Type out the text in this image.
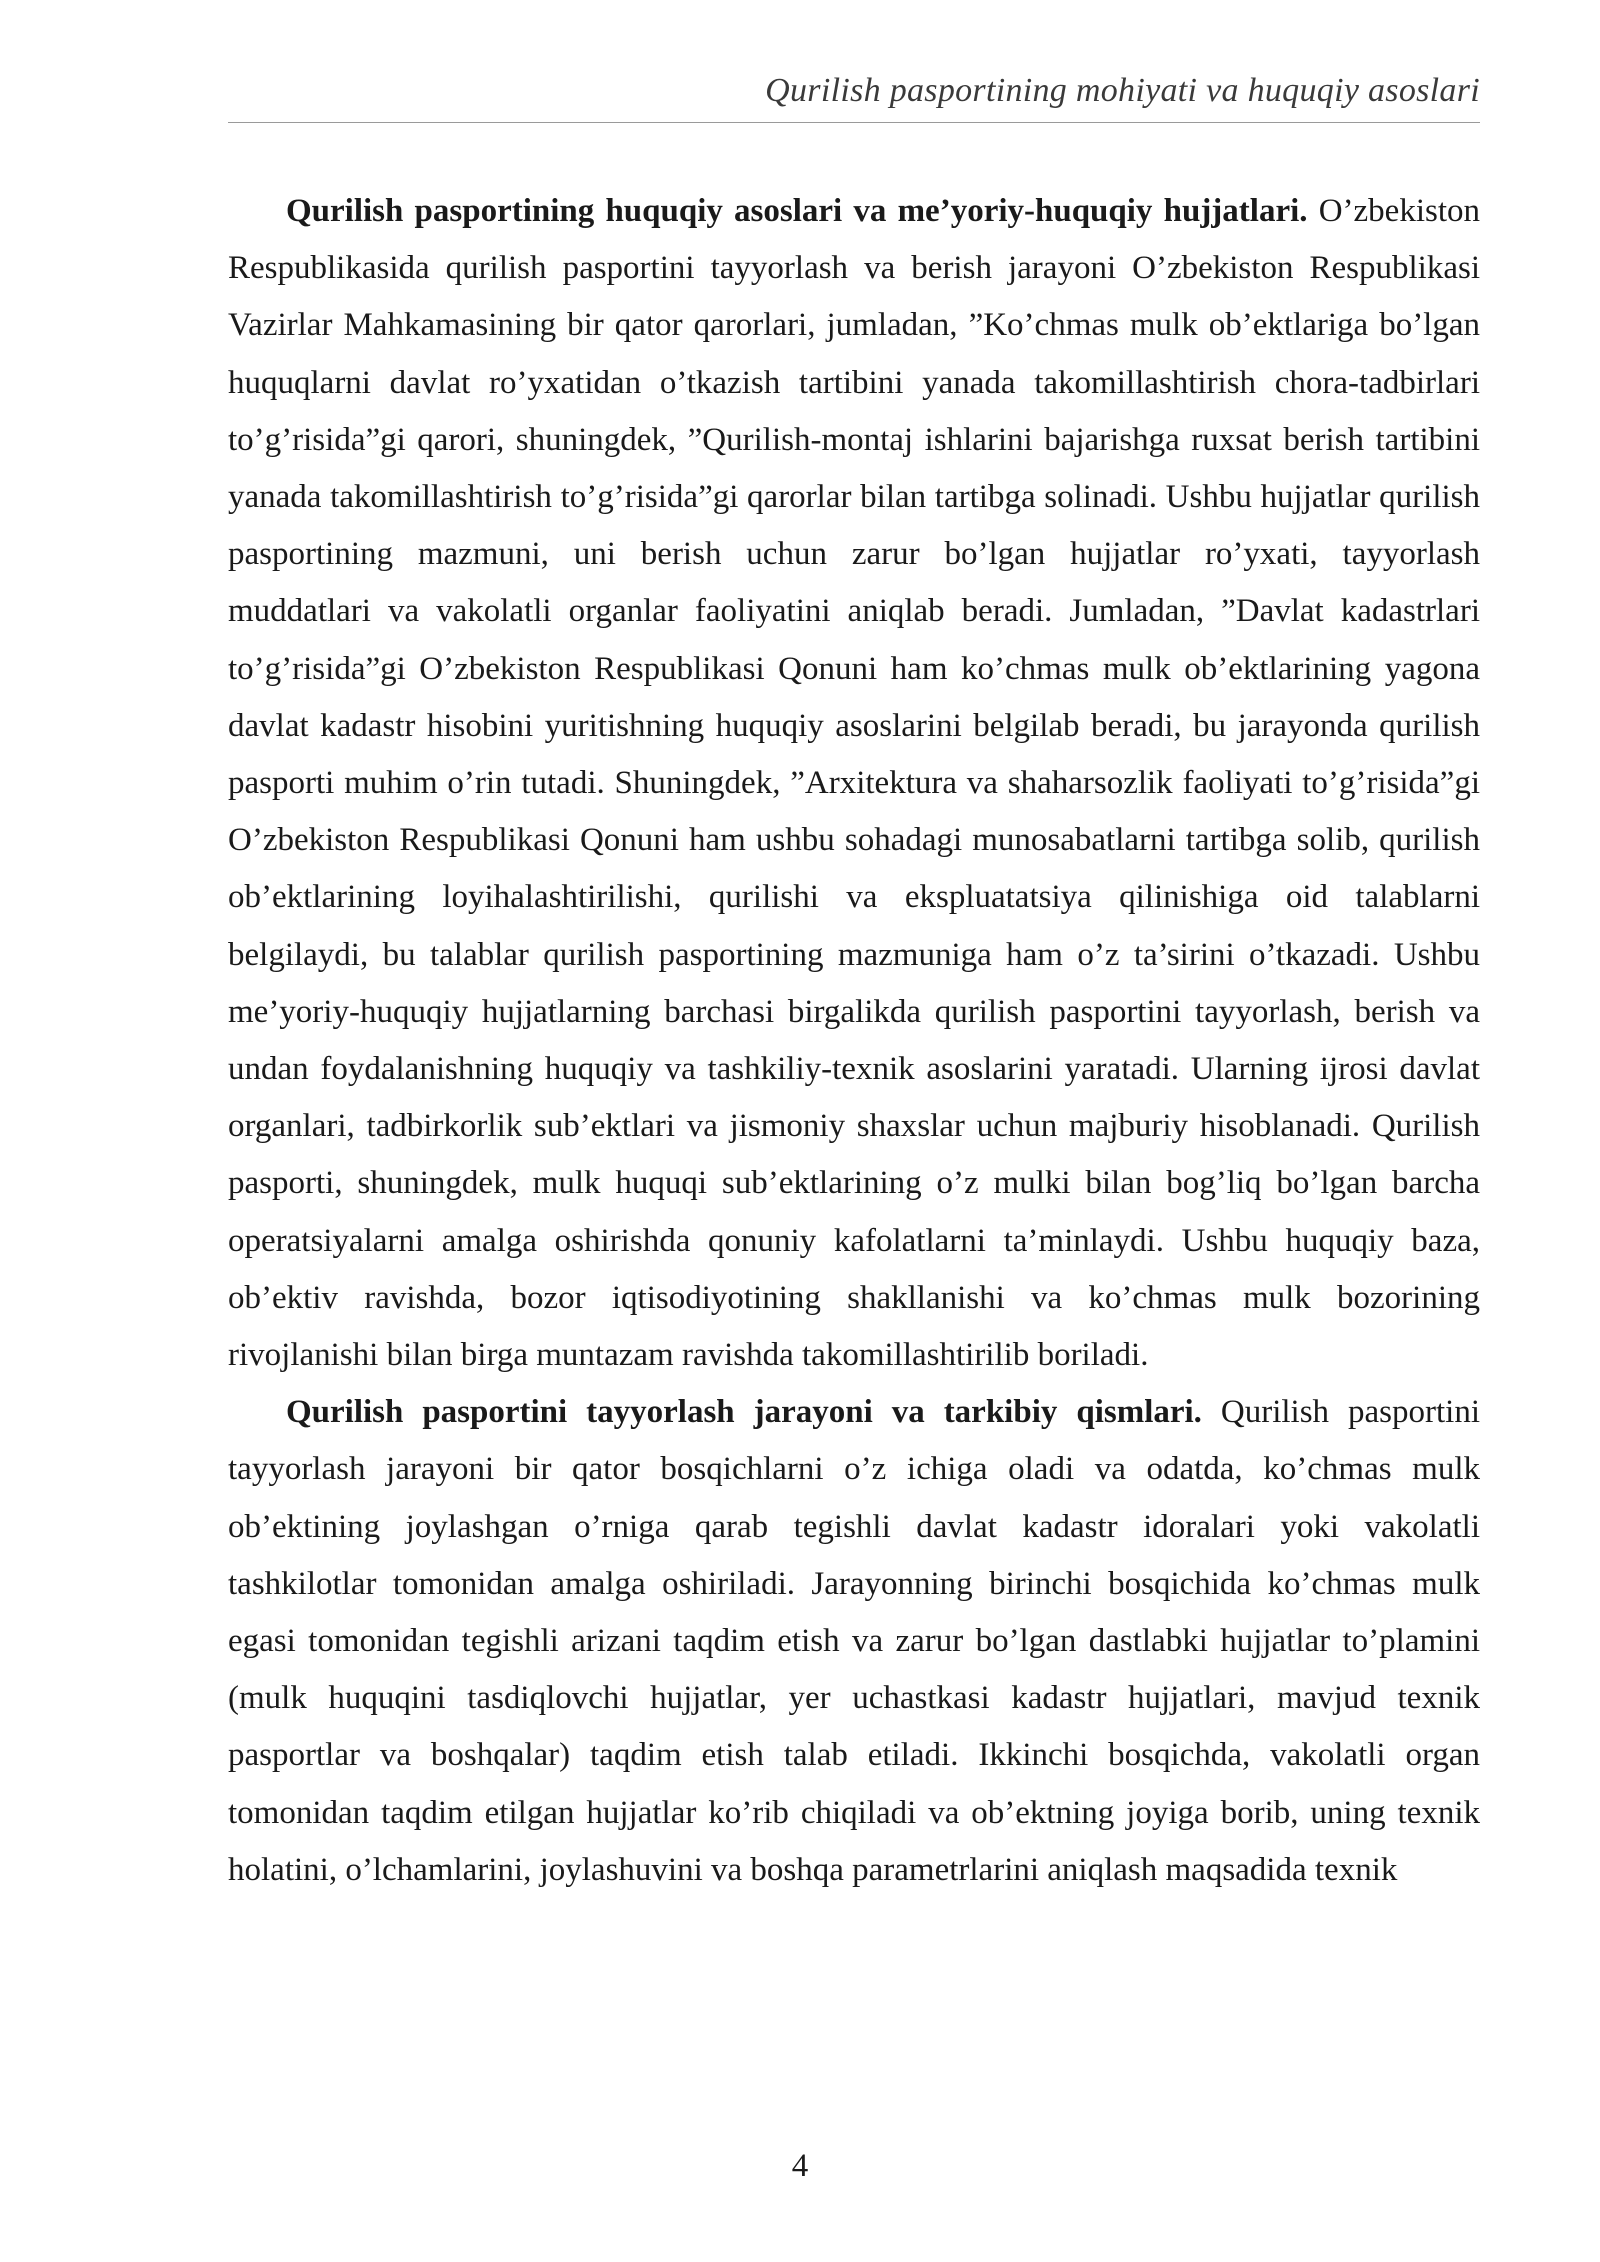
Qurilish pasportining mohiyati va huquqiy asoslari

Qurilish pasportining huquqiy asoslari va me’yoriy-huquqiy hujjatlari. O’zbekiston Respublikasida qurilish pasportini tayyorlash va berish jarayoni O’zbekiston Respublikasi Vazirlar Mahkamasining bir qator qarorlari, jumladan, ”Ko’chmas mulk ob’ektlariga bo’lgan huquqlarni davlat ro’yxatidan o’tkazish tartibini yanada takomillashtirish chora-tadbirlari to’g’risida”gi qarori, shuningdek, ”Qurilish-montaj ishlarini bajarishga ruxsat berish tartibini yanada takomillashtirish to’g’risida”gi qarorlar bilan tartibga solinadi. Ushbu hujjatlar qurilish pasportining mazmuni, uni berish uchun zarur bo’lgan hujjatlar ro’yxati, tayyorlash muddatlari va vakolatli organlar faoliyatini aniqlab beradi. Jumladan, ”Davlat kadastrlari to’g’risida”gi O’zbekiston Respublikasi Qonuni ham ko’chmas mulk ob’ektlarining yagona davlat kadastr hisobini yuritishning huquqiy asoslarini belgilab beradi, bu jarayonda qurilish pasporti muhim o’rin tutadi. Shuningdek, ”Arxitektura va shaharsozlik faoliyati to’g’risida”gi O’zbekiston Respublikasi Qonuni ham ushbu sohadagi munosabatlarni tartibga solib, qurilish ob’ektlarining loyihalashtirilishi, qurilishi va ekspluatatsiya qilinishiga oid talablarni belgilaydi, bu talablar qurilish pasportining mazmuniga ham o’z ta’sirini o’tkazadi. Ushbu me’yoriy-huquqiy hujjatlarning barchasi birgalikda qurilish pasportini tayyorlash, berish va undan foydalanishning huquqiy va tashkiliy-texnik asoslarini yaratadi. Ularning ijrosi davlat organlari, tadbirkorlik sub’ektlari va jismoniy shaxslar uchun majburiy hisoblanadi. Qurilish pasporti, shuningdek, mulk huquqi sub’ektlarining o’z mulki bilan bog’liq bo’lgan barcha operatsiyalarni amalga oshirishda qonuniy kafolatlarni ta’minlaydi. Ushbu huquqiy baza, ob’ektiv ravishda, bozor iqtisodiyotining shakllanishi va ko’chmas mulk bozorining rivojlanishi bilan birga muntazam ravishda takomillashtirilib boriladi.

Qurilish pasportini tayyorlash jarayoni va tarkibiy qismlari. Qurilish pasportini tayyorlash jarayoni bir qator bosqichlarni o’z ichiga oladi va odatda, ko’chmas mulk ob’ektining joylashgan o’rniga qarab tegishli davlat kadastr idoralari yoki vakolatli tashkilotlar tomonidan amalga oshiriladi. Jarayonning birinchi bosqichida ko’chmas mulk egasi tomonidan tegishli arizani taqdim etish va zarur bo’lgan dastlabki hujjatlar to’plamini (mulk huquqini tasdiqlovchi hujjatlar, yer uchastkasi kadastr hujjatlari, mavjud texnik pasportlar va boshqalar) taqdim etish talab etiladi. Ikkinchi bosqichda, vakolatli organ tomonidan taqdim etilgan hujjatlar ko’rib chiqiladi va ob’ektning joyiga borib, uning texnik holatini, o’lchamlarini, joylashuvini va boshqa parametrlarini aniqlash maqsadida texnik

4
